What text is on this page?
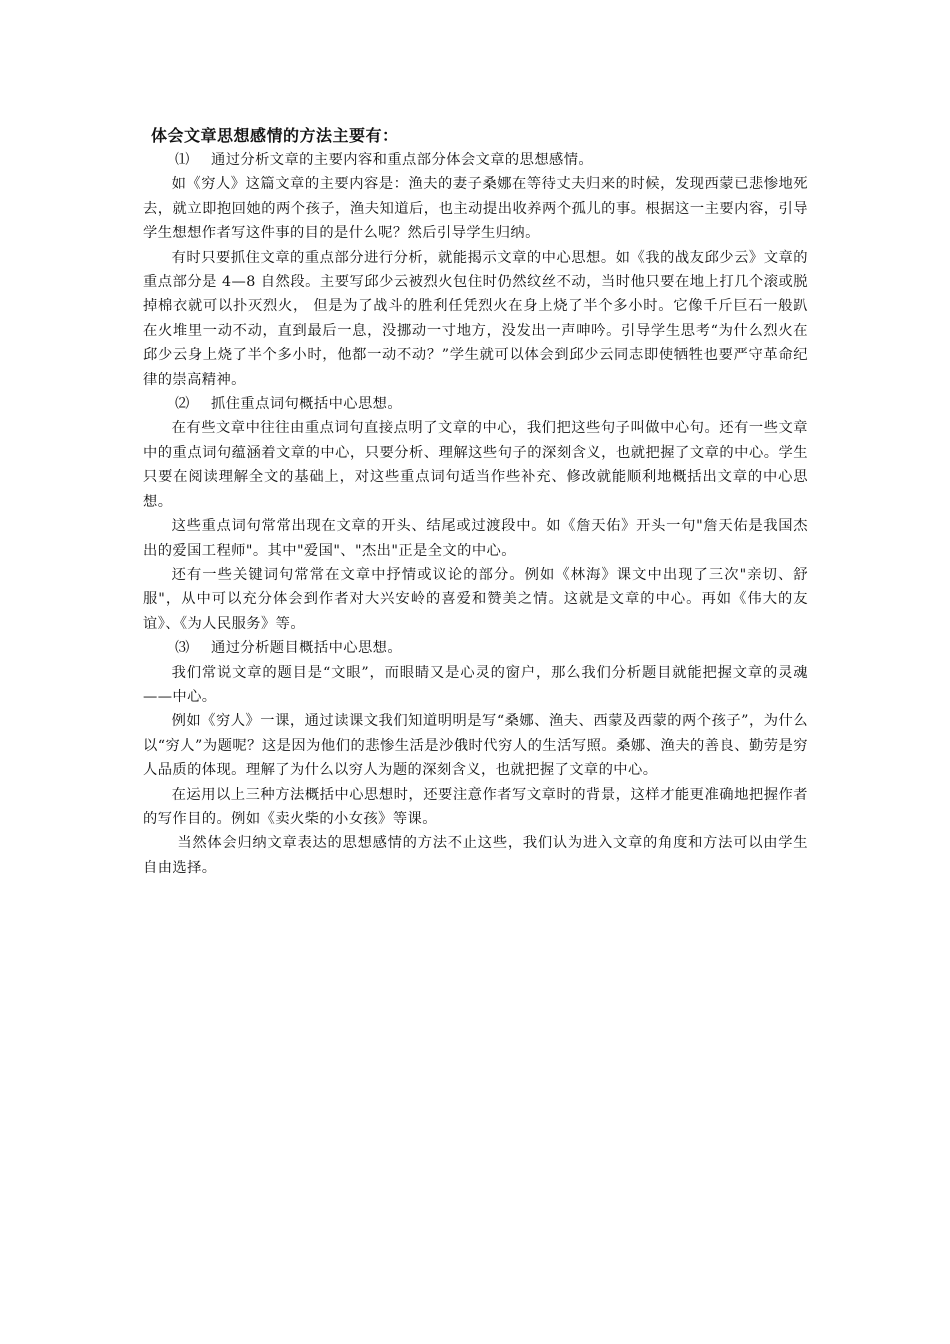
体会文章思想感情的方法主要有：

⑴ 通过分析文章的主要内容和重点部分体会文章的思想感情。

如《穷人》这篇文章的主要内容是：渔夫的妻子桑娜在等待丈夫归来的时候，发现西蒙已悲惨地死去，就立即抱回她的两个孩子，渔夫知道后，也主动提出收养两个孤儿的事。根据这一主要内容，引导学生想想作者写这件事的目的是什么呢？然后引导学生归纳。

有时只要抓住文章的重点部分进行分析，就能揭示文章的中心思想。如《我的战友邱少云》文章的重点部分是 4—8 自然段。主要写邱少云被烈火包住时仍然纹丝不动，当时他只要在地上打几个滚或脱掉棉衣就可以扑灭烈火， 但是为了战斗的胜利任凭烈火在身上烧了半个多小时。它像千斤巨石一般趴在火堆里一动不动，直到最后一息，没挪动一寸地方，没发出一声呻吟。引导学生思考“为什么烈火在邱少云身上烧了半个多小时，他都一动不动？”学生就可以体会到邱少云同志即使牺牲也要严守革命纪律的崇高精神。

⑵ 抓住重点词句概括中心思想。

在有些文章中往往由重点词句直接点明了文章的中心，我们把这些句子叫做中心句。还有一些文章中的重点词句蕴涵着文章的中心，只要分析、理解这些句子的深刻含义，也就把握了文章的中心。学生只要在阅读理解全文的基础上，对这些重点词句适当作些补充、修改就能顺利地概括出文章的中心思想。

这些重点词句常常出现在文章的开头、结尾或过渡段中。如《詹天佑》开头一句"詹天佑是我国杰出的爱国工程师"。其中"爱国"、"杰出"正是全文的中心。

还有一些关键词句常常在文章中抒情或议论的部分。例如《林海》课文中出现了三次"亲切、舒服"，从中可以充分体会到作者对大兴安岭的喜爱和赞美之情。这就是文章的中心。再如《伟大的友谊》、《为人民服务》等。

⑶ 通过分析题目概括中心思想。

我们常说文章的题目是“文眼”，而眼睛又是心灵的窗户，那么我们分析题目就能把握文章的灵魂——中心。

例如《穷人》一课，通过读课文我们知道明明是写“桑娜、渔夫、西蒙及西蒙的两个孩子”，为什么以“穷人”为题呢？这是因为他们的悲惨生活是沙俄时代穷人的生活写照。桑娜、渔夫的善良、勤劳是穷人品质的体现。理解了为什么以穷人为题的深刻含义，也就把握了文章的中心。

在运用以上三种方法概括中心思想时，还要注意作者写文章时的背景，这样才能更准确地把握作者的写作目的。例如《卖火柴的小女孩》等课。

当然体会归纳文章表达的思想感情的方法不止这些，我们认为进入文章的角度和方法可以由学生自由选择。
